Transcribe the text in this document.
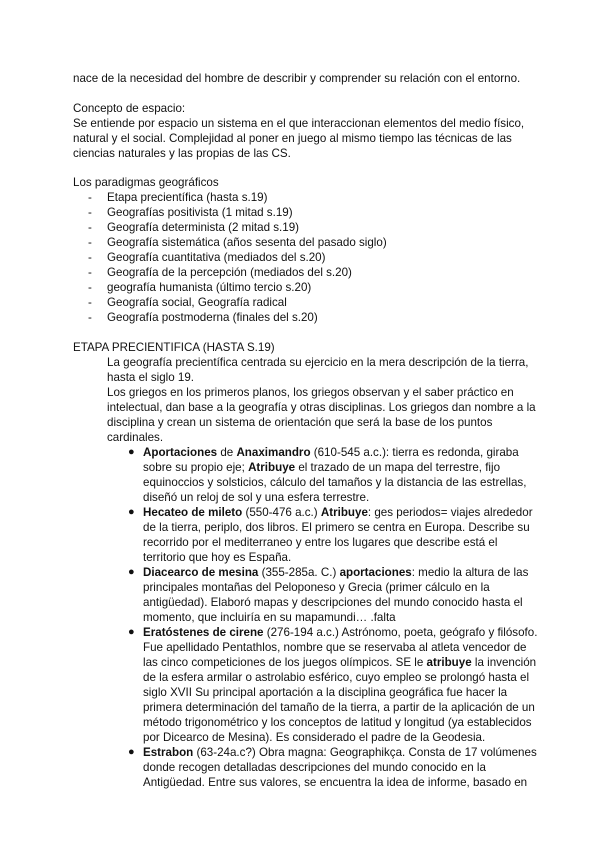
nace de la necesidad del hombre de describir y comprender su relación con el entorno.
Concepto de espacio:
Se entiende por espacio un sistema en el que interaccionan elementos del medio físico,
natural y el social. Complejidad al poner en juego al mismo tiempo las técnicas de las
ciencias naturales y las propias de las CS.
Los paradigmas geográficos
- Etapa precientífica (hasta s.19)
- Geografías positivista (1 mitad s.19)
- Geografía determinista (2 mitad s.19)
- Geografía sistemática (años sesenta del pasado siglo)
- Geografía cuantitativa (mediados del s.20)
- Geografía de la percepción (mediados del s.20)
- geografía humanista (último tercio s.20)
- Geografía social, Geografía radical
- Geografía postmoderna (finales del s.20)
ETAPA PRECIENTIFICA (HASTA S.19)
La geografía precientífica centrada su ejercicio en la mera descripción de la tierra,
hasta el siglo 19.
Los griegos en los primeros planos, los griegos observan y el saber práctico en
intelectual, dan base a la geografía y otras disciplinas. Los griegos dan nombre a la
disciplina y crean un sistema de orientación que será la base de los puntos
cardinales.
● Aportaciones de Anaximandro (610-545 a.c.): tierra es redonda, giraba
sobre su propio eje; Atribuye el trazado de un mapa del terrestre, fijo
equinoccios y solsticios, cálculo del tamaños y la distancia de las estrellas,
diseñó un reloj de sol y una esfera terrestre.
● Hecateo de mileto (550-476 a.c.) Atribuye: ges periodos= viajes alrededor
de la tierra, periplo, dos libros. El primero se centra en Europa. Describe su
recorrido por el mediterraneo y entre los lugares que describe está el
territorio que hoy es España.
● Diacearco de mesina (355-285a. C.) aportaciones: medio la altura de las
principales montañas del Peloponeso y Grecia (primer cálculo en la
antigüedad). Elaboró mapas y descripciones del mundo conocido hasta el
momento, que incluiría en su mapamundi… .falta
● Eratóstenes de cirene (276-194 a.c.) Astrónomo, poeta, geógrafo y filósofo.
Fue apellidado Pentathlos, nombre que se reservaba al atleta vencedor de
las cinco competiciones de los juegos olímpicos. SE le atribuye la invención
de la esfera armilar o astrolabio esférico, cuyo empleo se prolongó hasta el
siglo XVII Su principal aportación a la disciplina geográfica fue hacer la
primera determinación del tamaño de la tierra, a partir de la aplicación de un
método trigonométrico y los conceptos de latitud y longitud (ya establecidos
por Dicearco de Mesina). Es considerado el padre de la Geodesia.
● Estrabon (63-24a.c?) Obra magna: Geographikça. Consta de 17 volúmenes
donde recogen detalladas descripciones del mundo conocido en la
Antigüedad. Entre sus valores, se encuentra la idea de informe, basado en
